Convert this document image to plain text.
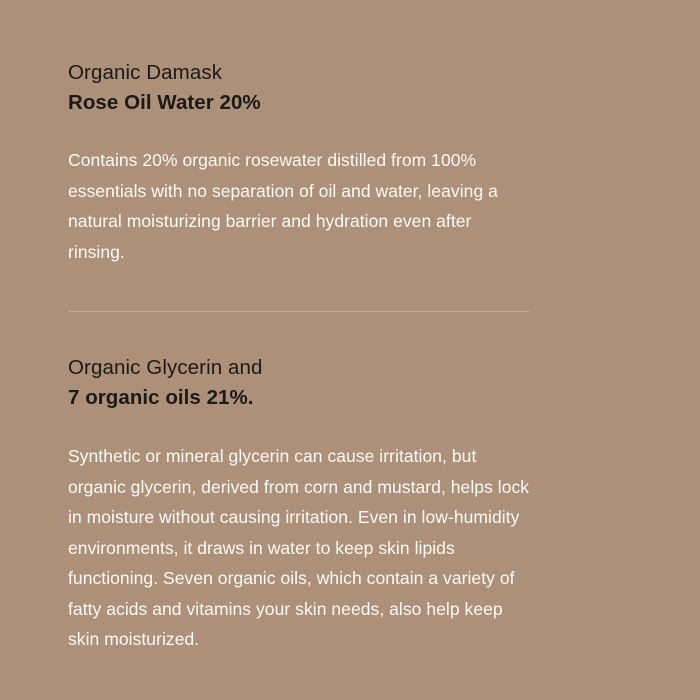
Organic Damask

Rose Oil Water 20%

Contains 20% organic rosewater distilled from 100% essentials with no separation of oil and water, leaving a natural moisturizing barrier and hydration even after rinsing.

Organic Glycerin and

7 organic oils 21%.

Synthetic or mineral glycerin can cause irritation, but organic glycerin, derived from corn and mustard, helps lock in moisture without causing irritation. Even in low-humidity environments, it draws in water to keep skin lipids functioning. Seven organic oils, which contain a variety of fatty acids and vitamins your skin needs, also help keep skin moisturized.
